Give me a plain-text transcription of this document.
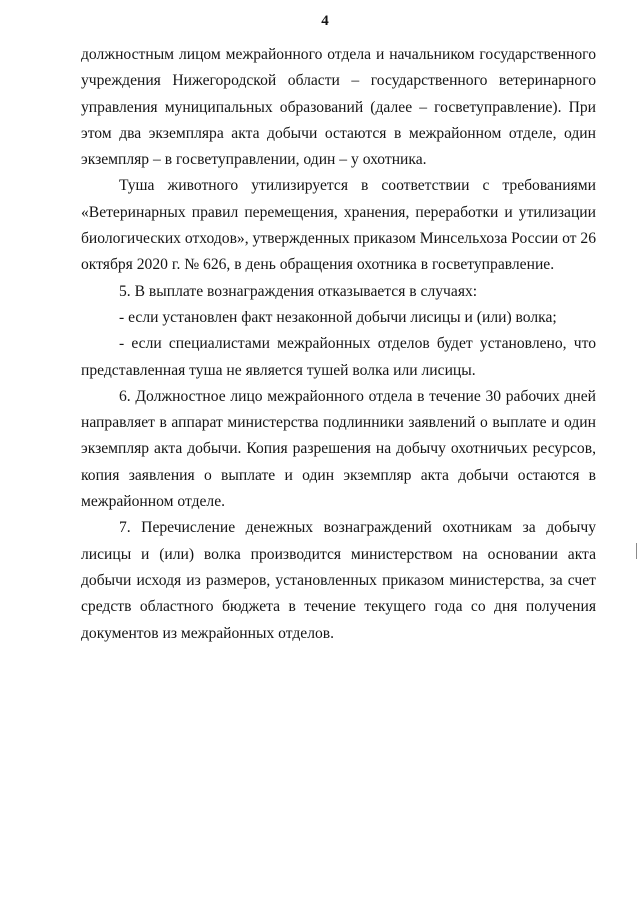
4

должностным лицом межрайонного отдела и начальником государственного учреждения Нижегородской области – государственного ветеринарного управления муниципальных образований (далее – госветуправление). При этом два экземпляра акта добычи остаются в межрайонном отделе, один экземпляр – в госветуправлении, один – у охотника.

Туша животного утилизируется в соответствии с требованиями «Ветеринарных правил перемещения, хранения, переработки и утилизации биологических отходов», утвержденных приказом Минсельхоза России от 26 октября 2020 г. № 626, в день обращения охотника в госветуправление.

5. В выплате вознаграждения отказывается в случаях:

- если установлен факт незаконной добычи лисицы и (или) волка;

- если специалистами межрайонных отделов будет установлено, что представленная туша не является тушей волка или лисицы.

6. Должностное лицо межрайонного отдела в течение 30 рабочих дней направляет в аппарат министерства подлинники заявлений о выплате и один экземпляр акта добычи. Копия разрешения на добычу охотничьих ресурсов, копия заявления о выплате и один экземпляр акта добычи остаются в межрайонном отделе.

7. Перечисление денежных вознаграждений охотникам за добычу лисицы и (или) волка производится министерством на основании акта добычи исходя из размеров, установленных приказом министерства, за счет средств областного бюджета в течение текущего года со дня получения документов из межрайонных отделов.
